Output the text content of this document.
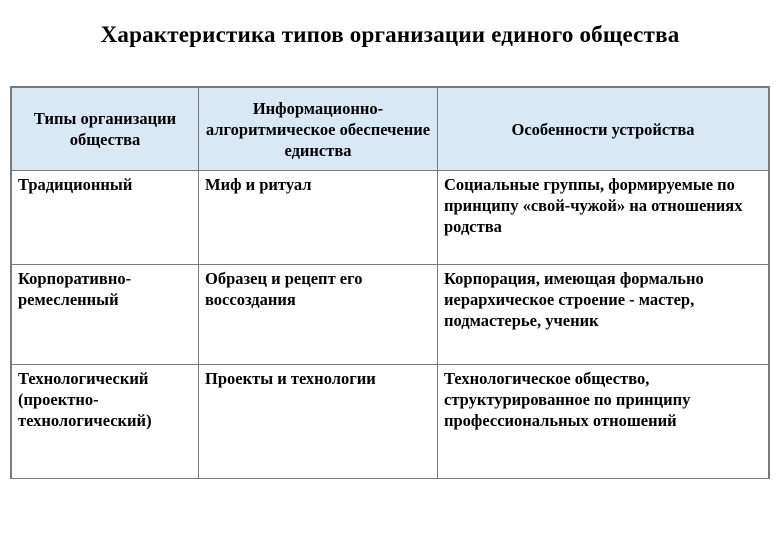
Характеристика типов организации единого общества
Типы организации общества	Информационно-алгоритмическое обеспечение единства	Особенности устройства
Традиционный	Миф и ритуал	Социальные группы, формируемые по принципу «свой-чужой» на отношениях родства
Корпоративно-ремесленный	Образец и рецепт его воссоздания	Корпорация, имеющая формально иерархическое строение - мастер, подмастерье, ученик
Технологический (проектно-технологический)	Проекты и технологии	Технологическое общество, структурированное по принципу профессиональных отношений
